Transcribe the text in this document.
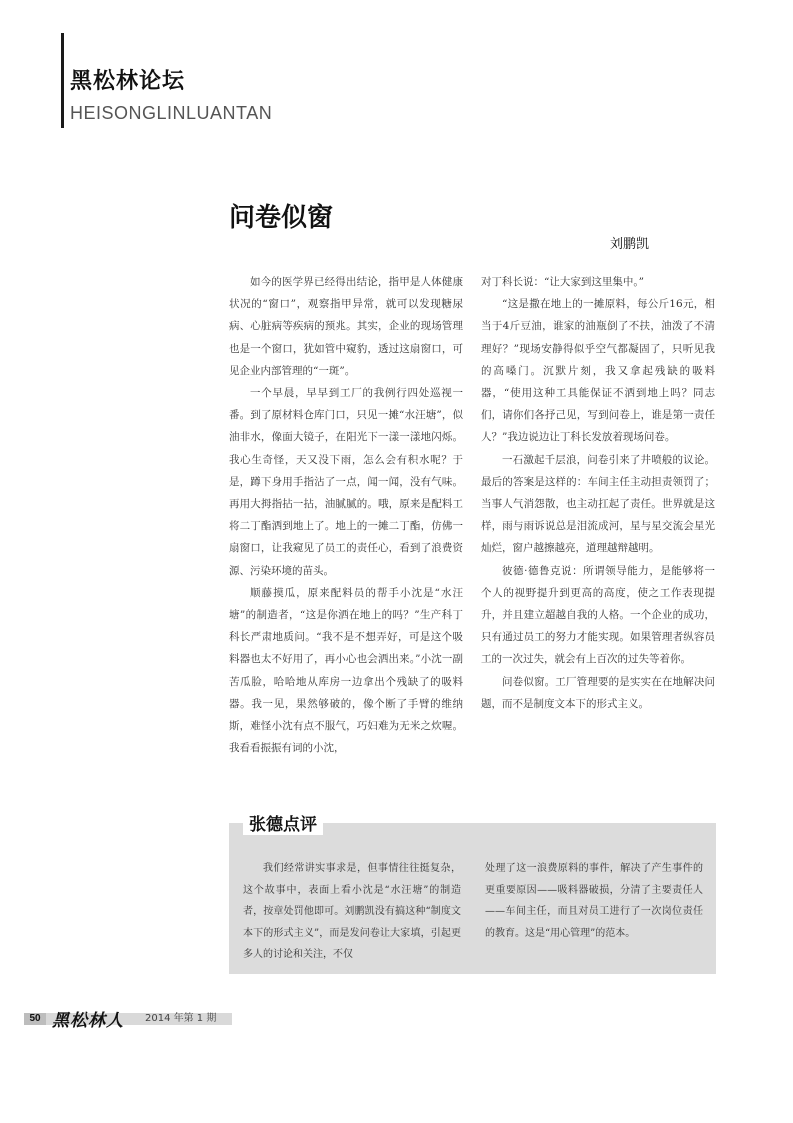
黑松林论坛
HEISONGLINLUANTAN
问卷似窗
刘鹏凯

如今的医学界已经得出结论，指甲是人体健康状况的“窗口”，观察指甲异常，就可以发现糖尿病、心脏病等疾病的预兆。其实，企业的现场管理也是一个窗口，犹如管中窥豹，透过这扇窗口，可见企业内部管理的“一斑”。

一个早晨，早早到工厂的我例行四处巡视一番。到了原材料仓库门口，只见一摊“水汪塘”，似油非水，像面大镜子，在阳光下一漾一漾地闪烁。我心生奇怪，天又没下雨，怎么会有积水呢？于是，蹲下身用手指沾了一点，闻一闻，没有气味。再用大拇指拈一拈，油腻腻的。哦，原来是配料工将二丁酯洒到地上了。地上的一摊二丁酯，仿佛一扇窗口，让我窥见了员工的责任心，看到了浪费资源、污染环境的苗头。

顺藤摸瓜，原来配料员的帮手小沈是“水汪塘”的制造者，“这是你洒在地上的吗？”生产科丁科长严肃地质问。“我不是不想弄好，可是这个吸料器也太不好用了，再小心也会洒出来。”小沈一副苦瓜脸，哈哈地从库房一边拿出个残缺了的吸料器。我一见，果然够破的，像个断了手臂的维纳斯，难怪小沈有点不服气，巧妇难为无米之炊喔。我看看振振有词的小沈，

对丁科长说：“让大家到这里集中。”

“这是撒在地上的一摊原料，每公斤16元，相当于4斤豆油，谁家的油瓶倒了不扶，油泼了不清理好？”现场安静得似乎空气都凝固了，只听见我的高嗓门。沉默片刻，我又拿起残缺的吸料器，“使用这种工具能保证不洒到地上吗？同志们，请你们各抒己见，写到问卷上，谁是第一责任人？”我边说边让丁科长发放着现场问卷。

一石激起千层浪，问卷引来了井喷般的议论。最后的答案是这样的：车间主任主动担责领罚了；当事人气消怨散，也主动扛起了责任。世界就是这样，雨与雨诉说总是泪流成河，星与星交流会星光灿烂，窗户越擦越亮，道理越辩越明。

彼德·德鲁克说：所谓领导能力，是能够将一个人的视野提升到更高的高度，使之工作表现提升，并且建立超越自我的人格。一个企业的成功，只有通过员工的努力才能实现。如果管理者纵容员工的一次过失，就会有上百次的过失等着你。

问卷似窗。工厂管理要的是实实在在地解决问题，而不是制度文本下的形式主义。

张德点评

我们经常讲实事求是，但事情往往挺复杂，这个故事中，表面上看小沈是“水汪塘”的制造者，按章处罚他即可。刘鹏凯没有搞这种“制度文本下的形式主义”，而是发问卷让大家填，引起更多人的讨论和关注，不仅

处理了这一浪费原料的事件，解决了产生事件的更重要原因——吸料器破损，分清了主要责任人——车间主任，而且对员工进行了一次岗位责任的教育。这是“用心管理”的范本。

50 黑松林人 2014 年第 1 期
